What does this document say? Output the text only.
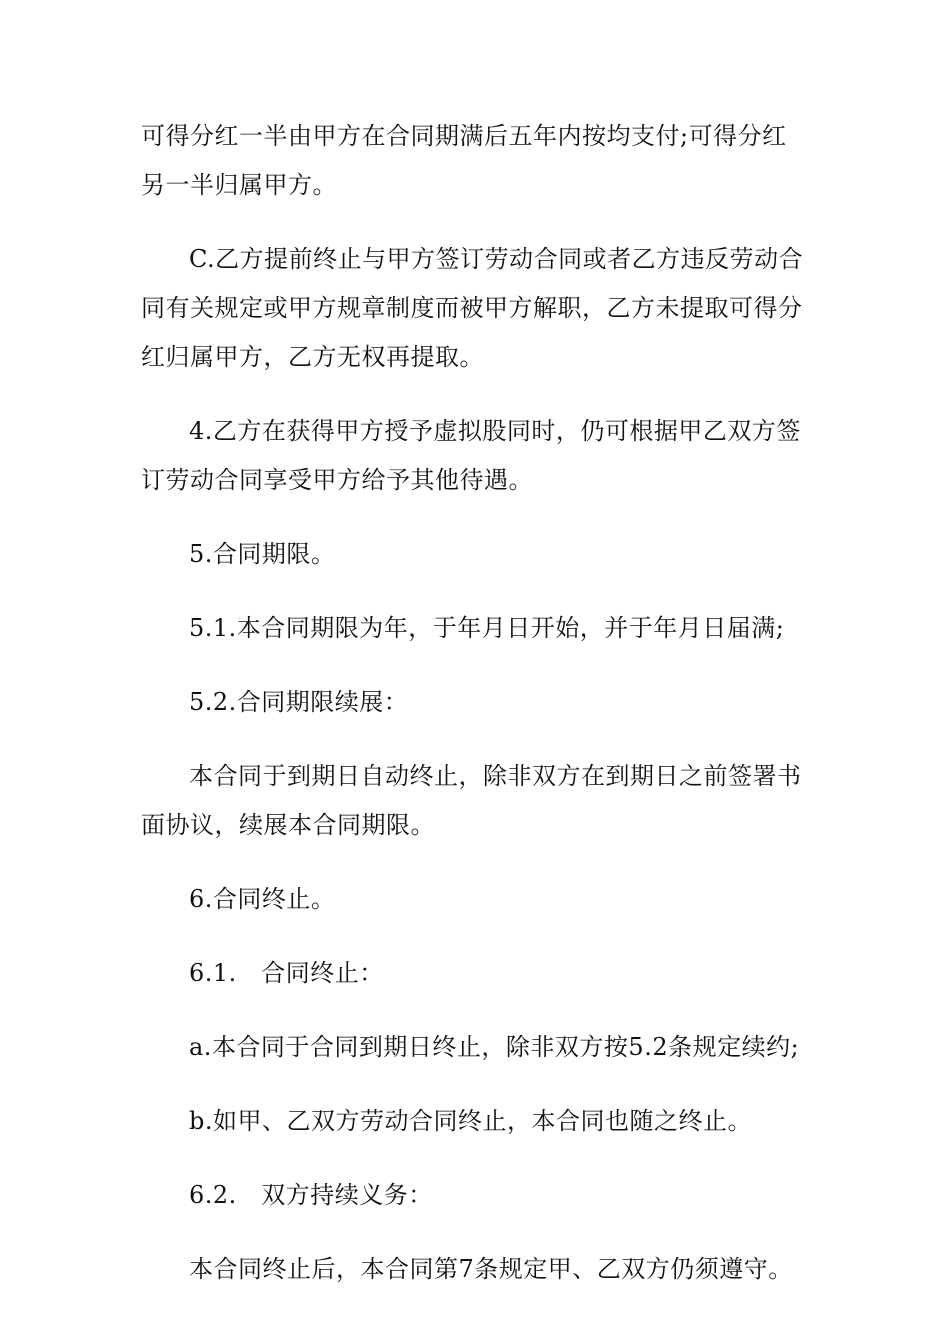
可得分红一半由甲方在合同期满后五年内按均支付;可得分红另一半归属甲方。

C.乙方提前终止与甲方签订劳动合同或者乙方违反劳动合同有关规定或甲方规章制度而被甲方解职，乙方未提取可得分红归属甲方，乙方无权再提取。

4.乙方在获得甲方授予虚拟股同时，仍可根据甲乙双方签订劳动合同享受甲方给予其他待遇。

5.合同期限。

5.1.本合同期限为年，于年月日开始，并于年月日届满;

5.2.合同期限续展：

本合同于到期日自动终止，除非双方在到期日之前签署书面协议，续展本合同期限。

6.合同终止。

6.1.　合同终止：

a.本合同于合同到期日终止，除非双方按5.2条规定续约;

b.如甲、乙双方劳动合同终止，本合同也随之终止。

6.2.　双方持续义务：

本合同终止后，本合同第7条规定甲、乙双方仍须遵守。
